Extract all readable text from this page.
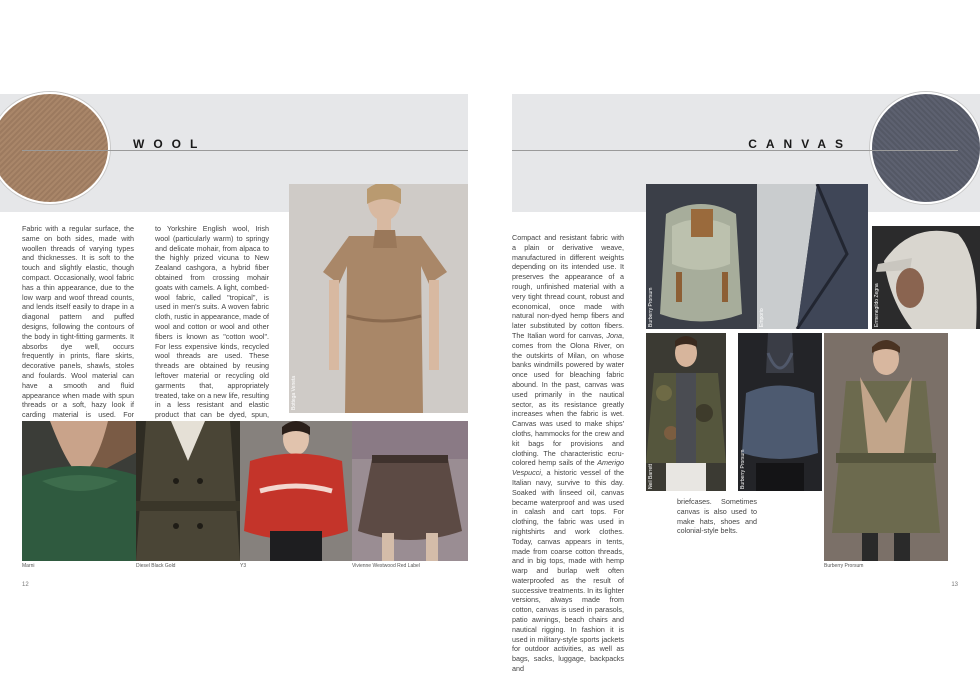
WOOL

Fabric with a regular surface, the same on both sides, made with woollen threads of varying types and thicknesses. It is soft to the touch and slightly elastic, though compact. Occasionally, wool fabric has a thin appearance, due to the low warp and woof thread counts, and lends itself easily to drape in a diagonal pattern and puffed designs, following the contours of the body in tight-fitting garments. It absorbs dye well, occurs frequently in prints, flare skirts, decorative panels, shawls, stoles and foulards. Wool material can have a smooth and fluid appearance when made with spun threads or a soft, hazy look if carding material is used. For

to Yorkshire English wool, Irish wool (particularly warm) to springy and delicate mohair, from alpaca to the highly prized vicuna to New Zealand cashgora, a hybrid fiber obtained from crossing mohair goats with camels. A light, combed-wool fabric, called "tropical", is used in men's suits. A woven fabric cloth, rustic in appearance, made of wool and cotton or wool and other fibers is known as "cotton wool". For less expensive kinds, recycled wool threads are used. These threads are obtained by reusing leftover material or recycling old garments that, appropriately treated, take on a new life, resulting in a less resistant and elastic product that can be dyed, spun,

Bottega Veneta
Marni	Diesel Black Gold	Y3	Vivienne Westwood Red Label
12
CANVAS

Compact and resistant fabric with a plain or derivative weave, manufactured in different weights depending on its intended use. It preserves the appearance of a rough, unfinished material with a very tight thread count, robust and economical, once made with natural non-dyed hemp fibers and later substituted by cotton fibers. The Italian word for canvas, Jona, comes from the Olona River, on the outskirts of Milan, on whose banks windmills powered by water once used for bleaching fabric abound. In the past, canvas was used primarily in the nautical sector, as its resistance greatly increases when the fabric is wet. Canvas was used to make ships' cloths, hammocks for the crew and kit bags for provisions and clothing. The characteristic ecru-colored hemp sails of the Amerigo Vespucci, a historic vessel of the Italian navy, survive to this day. Soaked with linseed oil, canvas became waterproof and was used in calash and cart tops. For clothing, the fabric was used in nightshirts and work clothes. Today, canvas appears in tents, made from coarse cotton threads, and in big tops, made with hemp warp and burlap weft often waterproofed as the result of successive treatments. In its lighter versions, always made from cotton, canvas is used in parasols, patio awnings, beach chairs and nautical rigging. In fashion it is used in military-style sports jackets for outdoor activities, as well as bags, sacks, luggage, backpacks and

briefcases. Sometimes canvas is also used to make hats, shoes and colonial-style belts.

Burberry Prorsum	Emporio	Ermenegildo Zegna
Neil Barrett	Burberry Prorsum
Burberry Prorsum
13
